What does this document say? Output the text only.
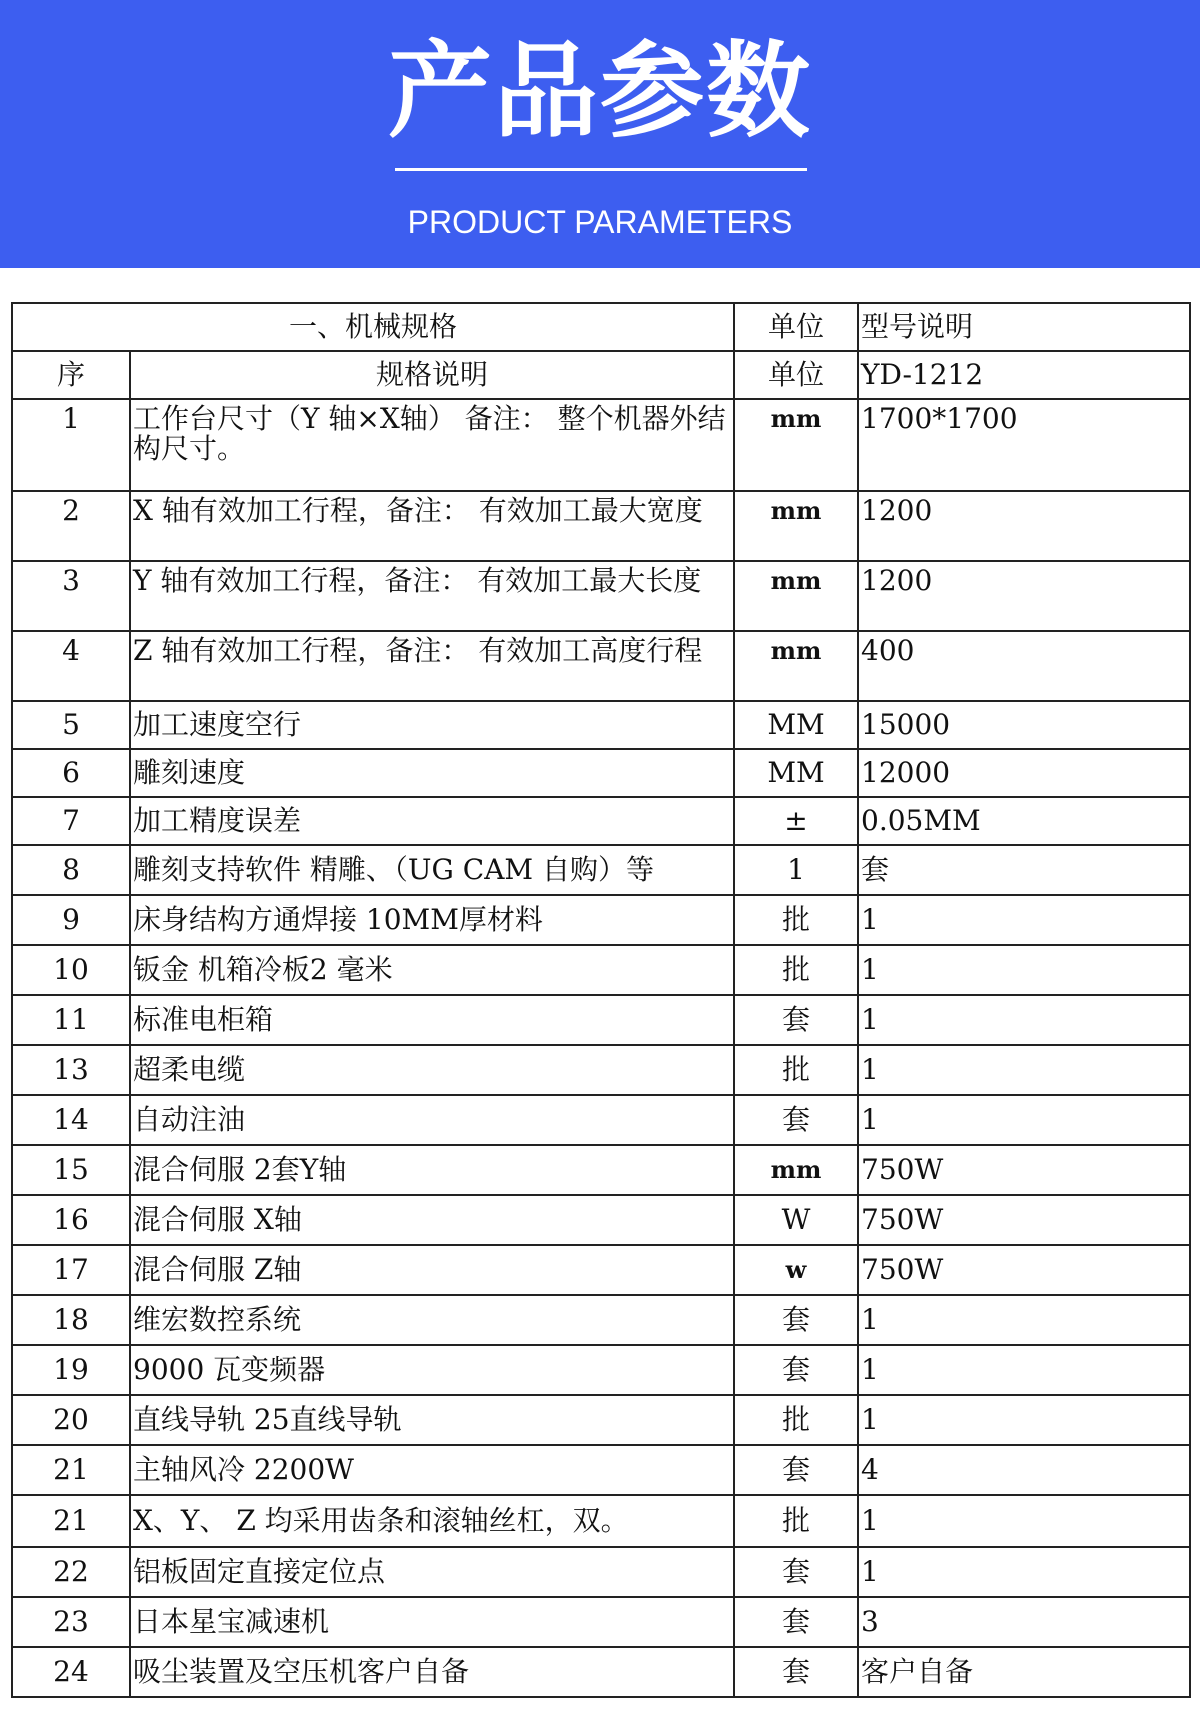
产品参数
PRODUCT PARAMETERS
一、机械规格		单位	型号说明
序	规格说明	单位	YD-1212
1	工作台尺寸（Y 轴×X轴） 备注： 整个机器外结构尺寸。	mm	1700*1700
2	X 轴有效加工行程，备注： 有效加工最大宽度	mm	1200
3	Y 轴有效加工行程，备注： 有效加工最大长度	mm	1200
4	Z 轴有效加工行程，备注： 有效加工高度行程	mm	400
5	加工速度空行	MM	15000
6	雕刻速度	MM	12000
7	加工精度误差	±	0.05MM
8	雕刻支持软件 精雕、（UG CAM 自购）等	1	套
9	床身结构方通焊接 10MM厚材料	批	1
10	钣金 机箱冷板2 毫米	批	1
11	标准电柜箱	套	1
13	超柔电缆	批	1
14	自动注油	套	1
15	混合伺服 2套Y轴	mm	750W
16	混合伺服 X轴	W	750W
17	混合伺服 Z轴	w	750W
18	维宏数控系统	套	1
19	9000 瓦变频器	套	1
20	直线导轨 25直线导轨	批	1
21	主轴风冷 2200W	套	4
21	X、Y、 Z 均采用齿条和滚轴丝杠，双。	批	1
22	铝板固定直接定位点	套	1
23	日本星宝减速机	套	3
24	吸尘装置及空压机客户自备	套	客户自备
